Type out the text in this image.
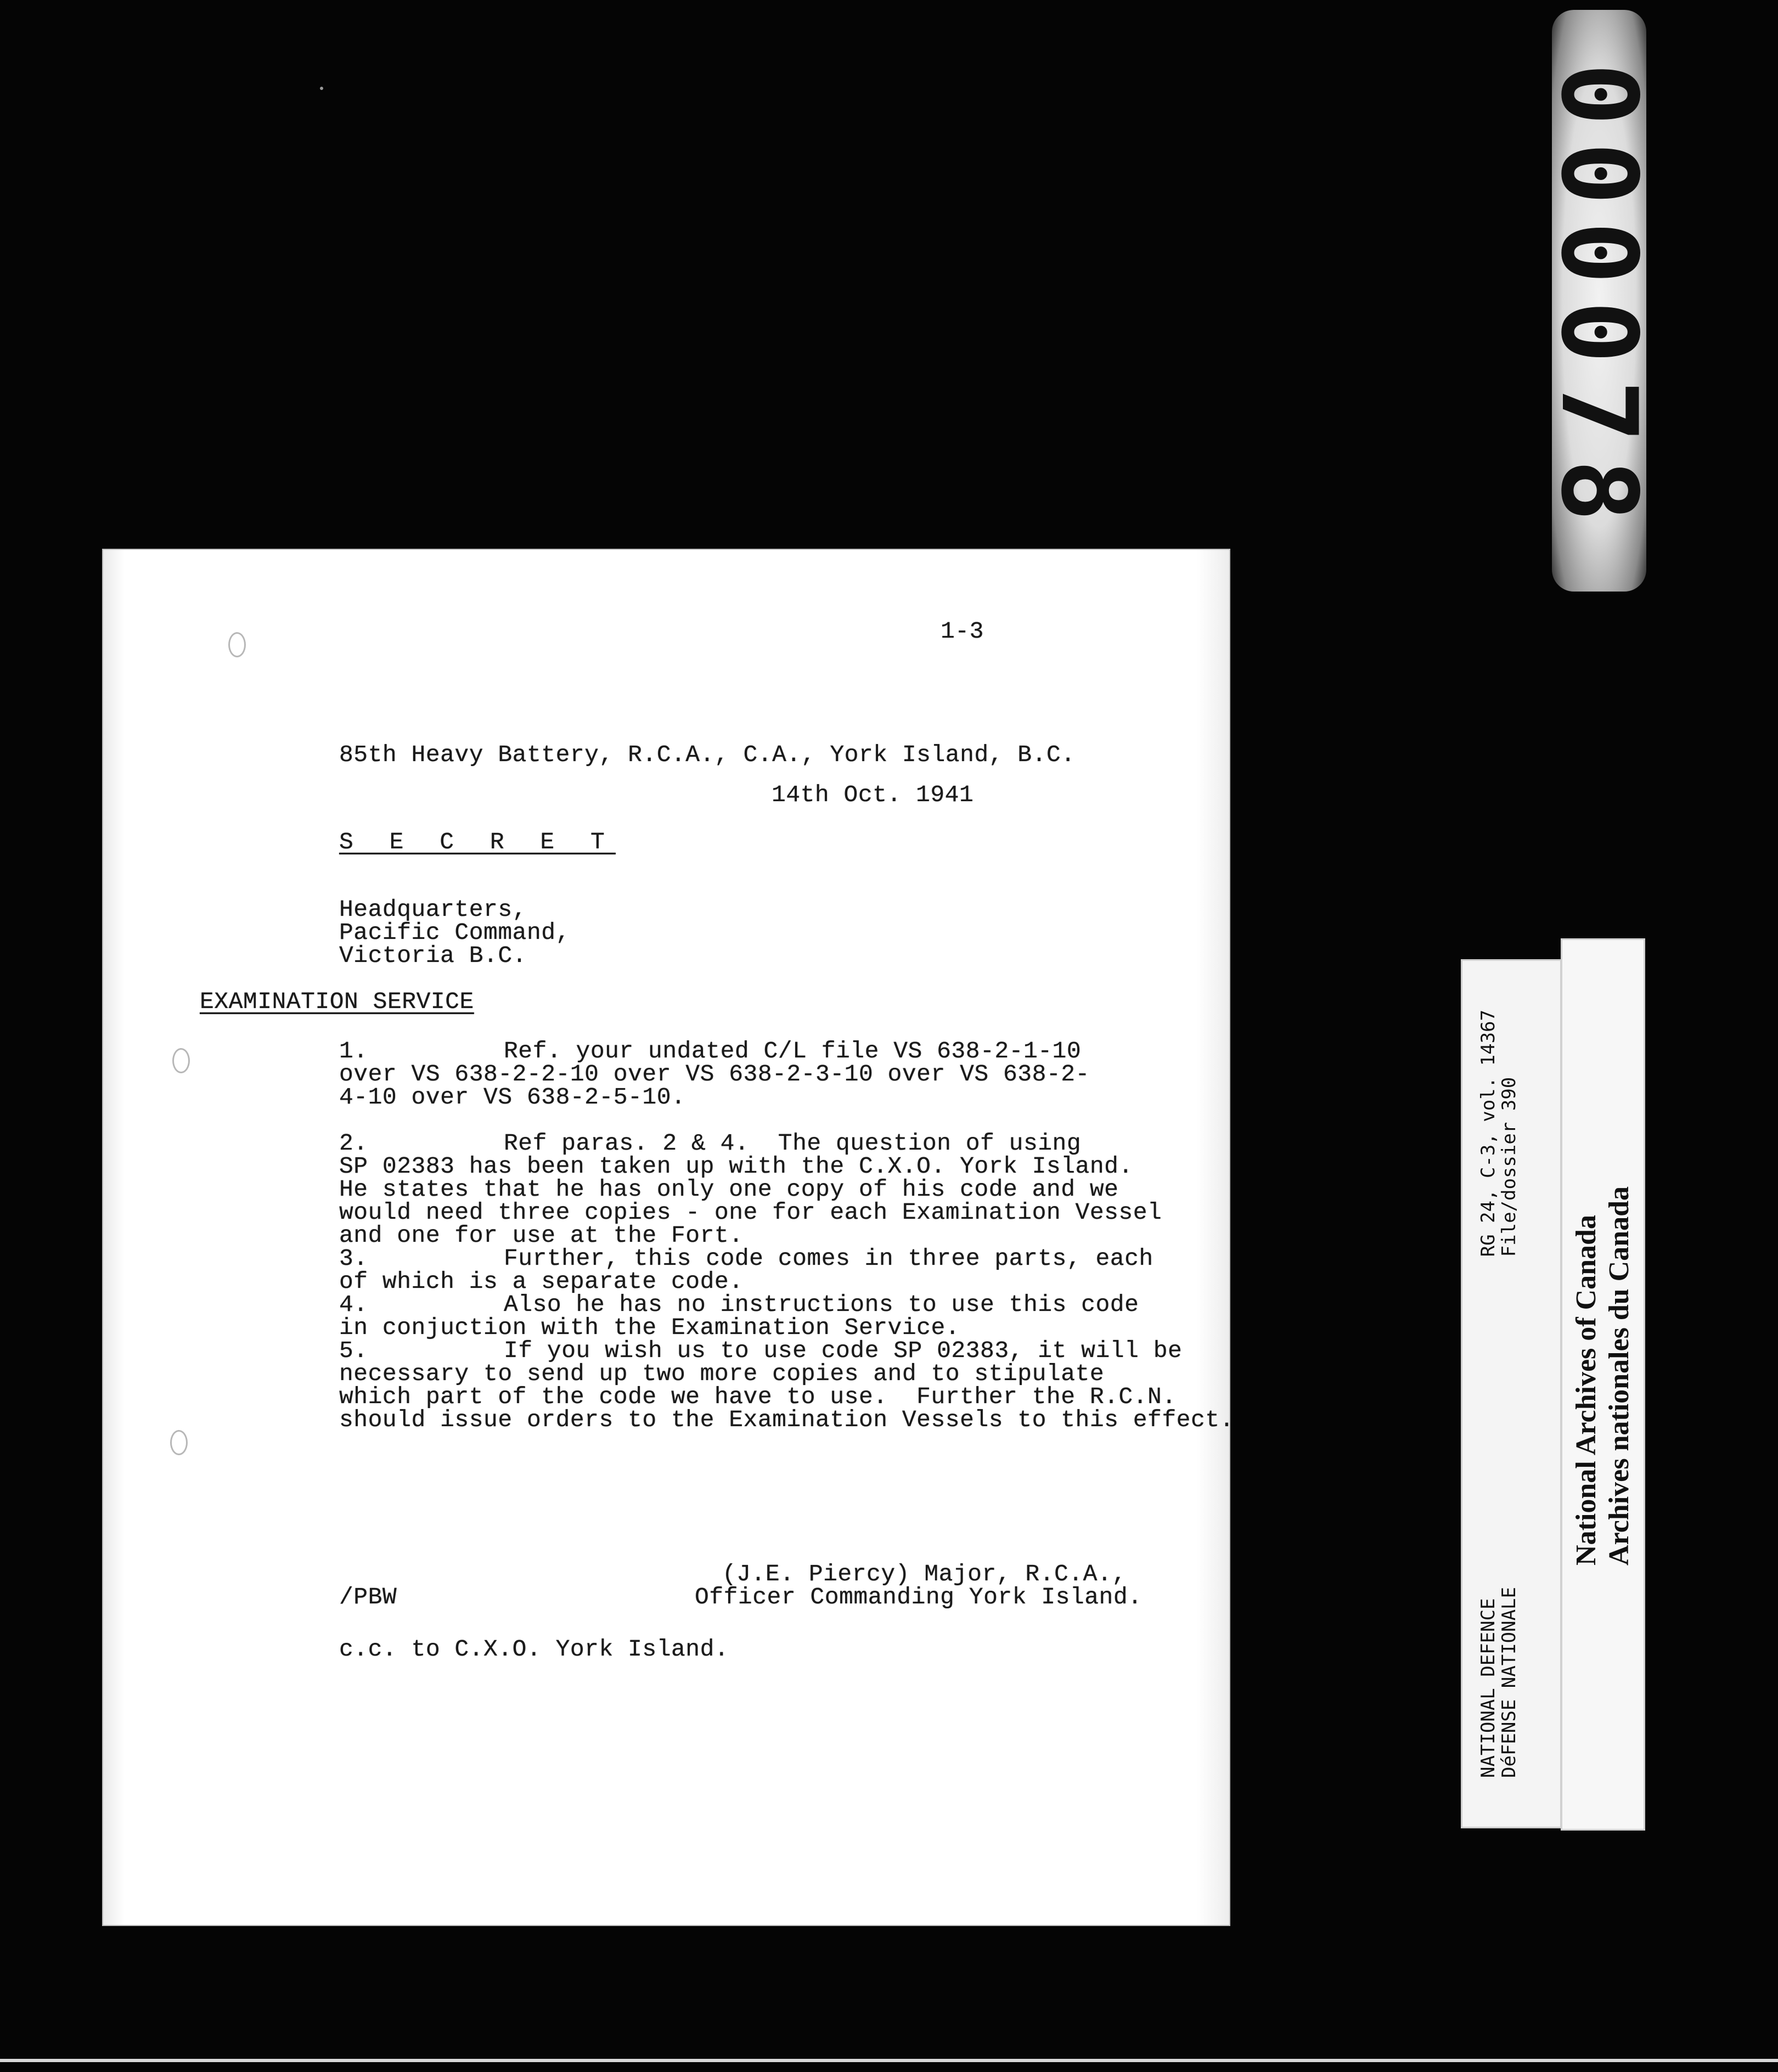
000078
NATIONAL DEFENCE
DéFENSE NATIONALE
RG 24, C-3, vol. 14367
File/dossier 390
National Archives of Canada Archives nationales du Canada
1-3
85th Heavy Battery, R.C.A., C.A., York Island, B.C.
14th Oct. 1941
S E C R E T
Headquarters,
Pacific Command,
Victoria B.C.
EXAMINATION SERVICE
1.	Ref. your undated C/L file VS 638-2-1-10
over VS 638-2-2-10 over VS 638-2-3-10 over VS 638-2-
4-10 over VS 638-2-5-10.
2.	Ref paras. 2 & 4.  The question of using
SP 02383 has been taken up with the C.X.O. York Island.
He states that he has only one copy of his code and we
would need three copies - one for each Examination Vessel
and one for use at the Fort.
3.	Further, this code comes in three parts, each
of which is a separate code.
4.	Also he has no instructions to use this code
in conjuction with the Examination Service.
5.	If you wish us to use code SP 02383, it will be
necessary to send up two more copies and to stipulate
which part of the code we have to use.  Further the R.C.N.
should issue orders to the Examination Vessels to this effect.
(J.E. Piercy) Major, R.C.A.,
Officer Commanding York Island.
/PBW
c.c. to C.X.O. York Island.
